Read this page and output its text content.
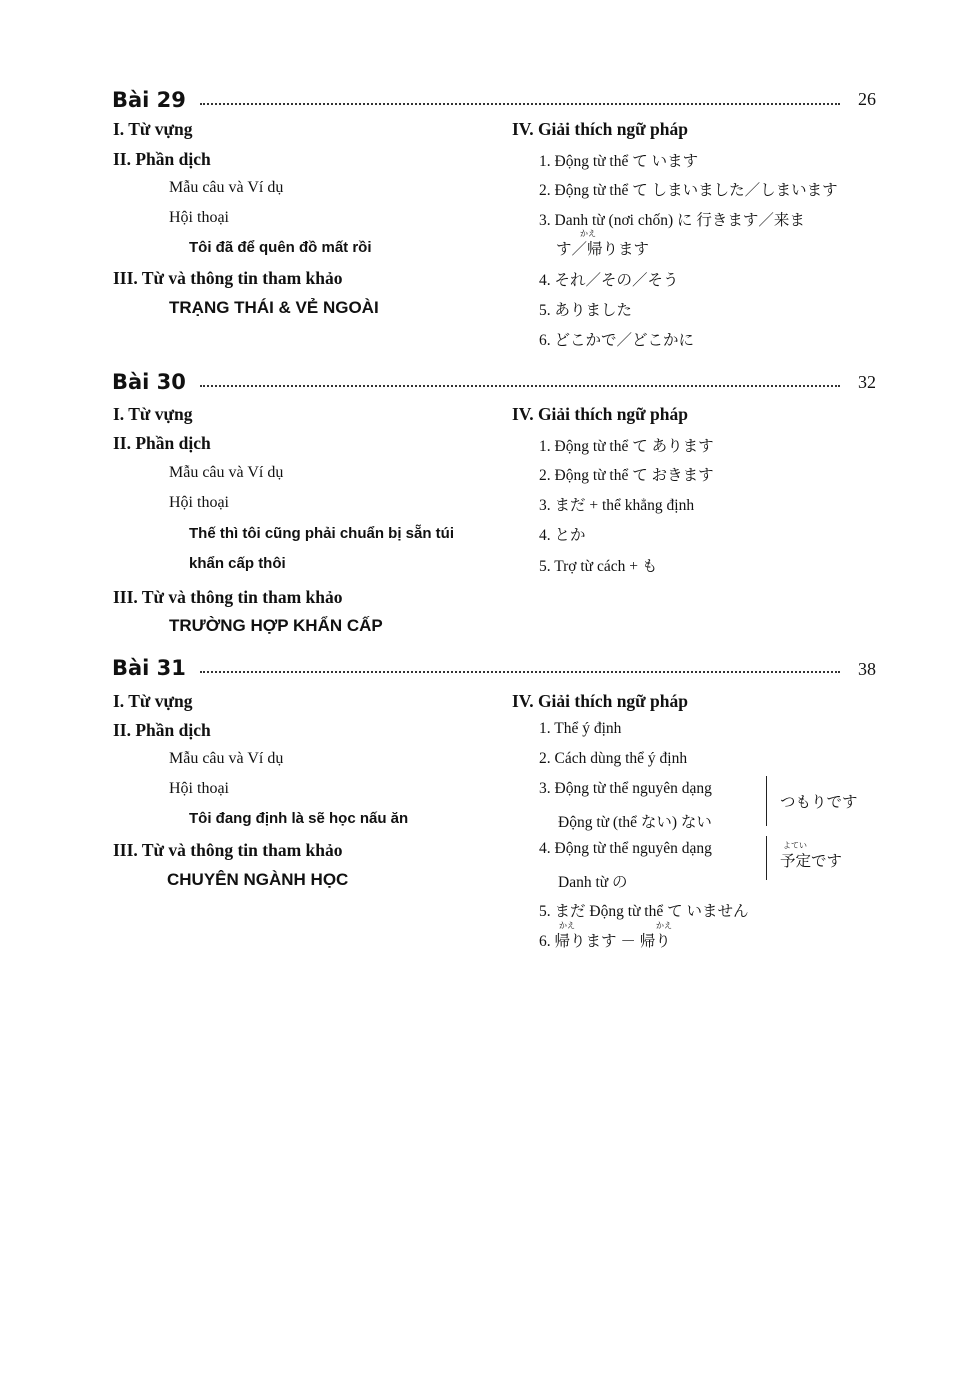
Bài 29	26
I. Từ vựng
II. Phần dịch
Mẫu câu và Ví dụ
Hội thoại
Tôi đã để quên đồ mất rồi
III. Từ và thông tin tham khảo
TRẠNG THÁI & VẺ NGOÀI
IV. Giải thích ngữ pháp
1. Động từ thể て います
2. Động từ thể て しまいました／しまいます
3. Danh từ (nơi chốn) に 行きます／来ま
かえ
す／帰ります
4. それ／その／そう
5. ありました
6. どこかで／どこかに
Bài 30	32
I. Từ vựng
II. Phần dịch
Mẫu câu và Ví dụ
Hội thoại
Thế thì tôi cũng phải chuẩn bị sẵn túi
khẩn cấp thôi
III. Từ và thông tin tham khảo
TRƯỜNG HỢP KHẨN CẤP
IV. Giải thích ngữ pháp
1. Động từ thể て あります
2. Động từ thể て おきます
3. まだ + thể khẳng định
4. とか
5. Trợ từ cách + も
Bài 31	38
I. Từ vựng
II. Phần dịch
Mẫu câu và Ví dụ
Hội thoại
Tôi đang định là sẽ học nấu ăn
III. Từ và thông tin tham khảo
CHUYÊN NGÀNH HỌC
IV. Giải thích ngữ pháp
1. Thể ý định
2. Cách dùng thể ý định
3. Động từ thể nguyên dạng
Động từ (thể ない) ない
つもりです
4. Động từ thể nguyên dạng
Danh từ の
よてい
予定です
5. まだ Động từ thể て いません
かえ	かえ
6. 帰ります － 帰り
